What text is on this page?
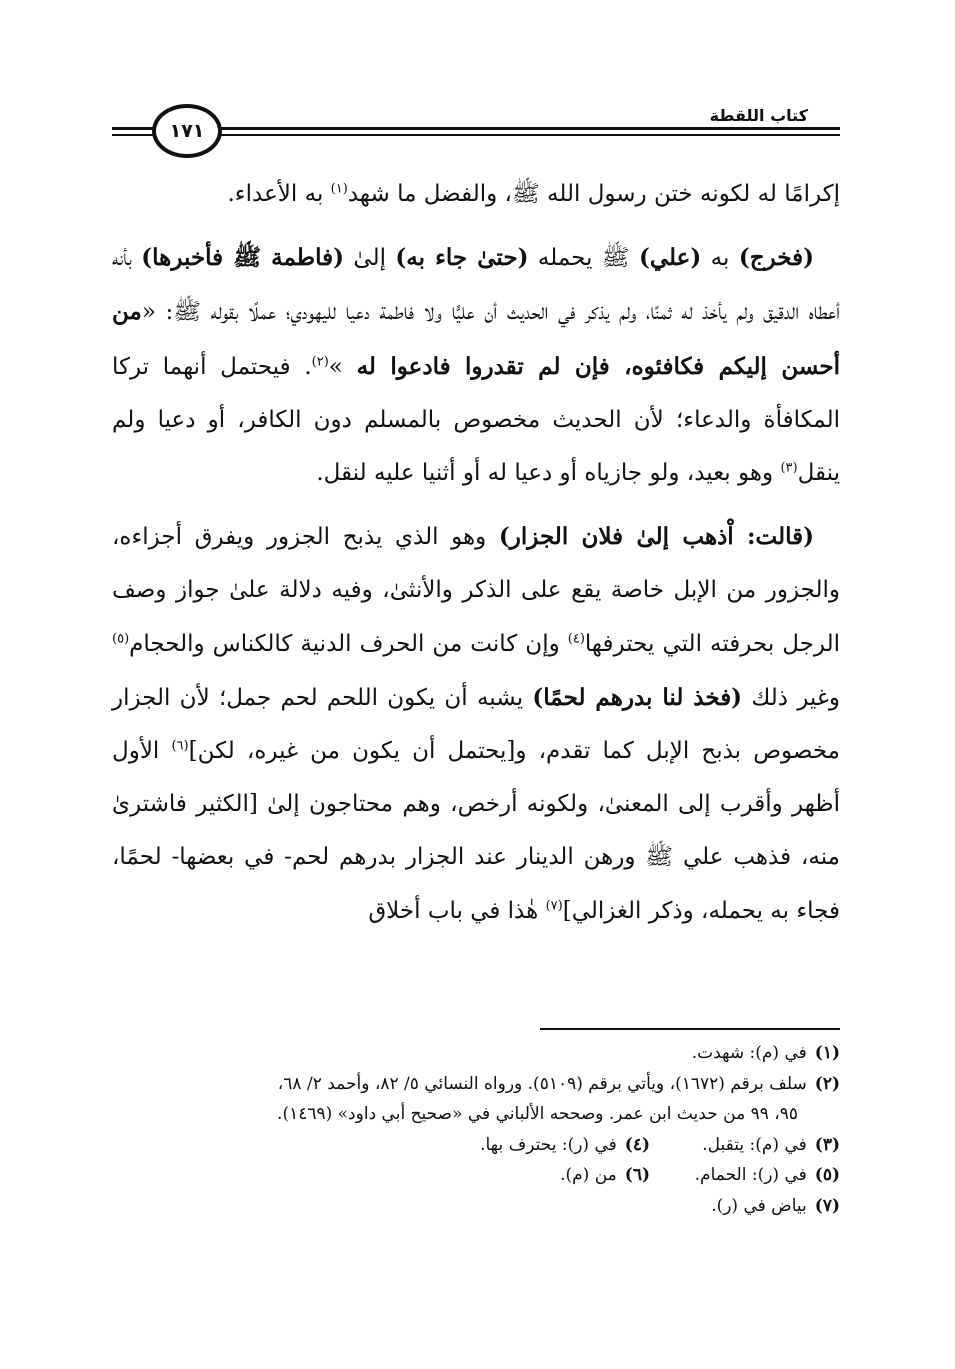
كتاب اللقطة
١٧١

إكرامًا له لكونه ختن رسول الله ﷺ، والفضل ما شهد$^{(١)}$ به الأعداء.

(فخرج) به (علي) ﷺ يحمله (حتىٰ جاء به) إلىٰ (فاطمة ﷺ فأخبرها) بأنه أعطاه الدقيق ولم يأخذ له ثمنًا، ولم يذكر في الحديث أن عليًّا ولا فاطمة دعيا لليهودي؛ عملًا بقوله ﷺ: «من أحسن إليكم فكافئوه، فإن لم تقدروا فادعوا له »$^{(٢)}$. فيحتمل أنهما تركا المكافأة والدعاء؛ لأن الحديث مخصوص بالمسلم دون الكافر، أو دعيا ولم ينقل$^{(٣)}$ وهو بعيد، ولو جازياه أو دعيا له أو أثنيا عليه لنقل.

(قالت: اْذهب إلىٰ فلان الجزار) وهو الذي يذبح الجزور ويفرق أجزاءه، والجزور من الإبل خاصة يقع على الذكر والأنثىٰ، وفيه دلالة علىٰ جواز وصف الرجل بحرفته التي يحترفها$^{(٤)}$ وإن كانت من الحرف الدنية كالكناس والحجام$^{(٥)}$ وغير ذلك (فخذ لنا بدرهم لحمًا) يشبه أن يكون اللحم لحم جمل؛ لأن الجزار مخصوص بذبح الإبل كما تقدم، و[يحتمل أن يكون من غيره، لكن]$^{(٦)}$ الأول أظهر وأقرب إلى المعنىٰ، ولكونه أرخص، وهم محتاجون إلىٰ [الكثير فاشترىٰ منه، فذهب علي ﷺ ورهن الدينار عند الجزار بدرهم لحم- في بعضها- لحمًا، فجاء به يحمله، وذكر الغزالي]$^{(٧)}$ هٰذا في باب أخلاق

(١)في (م): شهدت.
(٢)سلف برقم (١٦٧٢)، ويأتي برقم (٥١٠٩). ورواه النسائي ٥/ ٨٢، وأحمد ٢/ ٦٨،
٩٥، ٩٩ من حديث ابن عمر. وصححه الألباني في «صحيح أبي داود» (١٤٦٩).
(٣)في (م): يتقبل.
(٤)في (ر): يحترف بها.
(٥)في (ر): الحمام.
(٦)من (م).
(٧)بياض في (ر).
